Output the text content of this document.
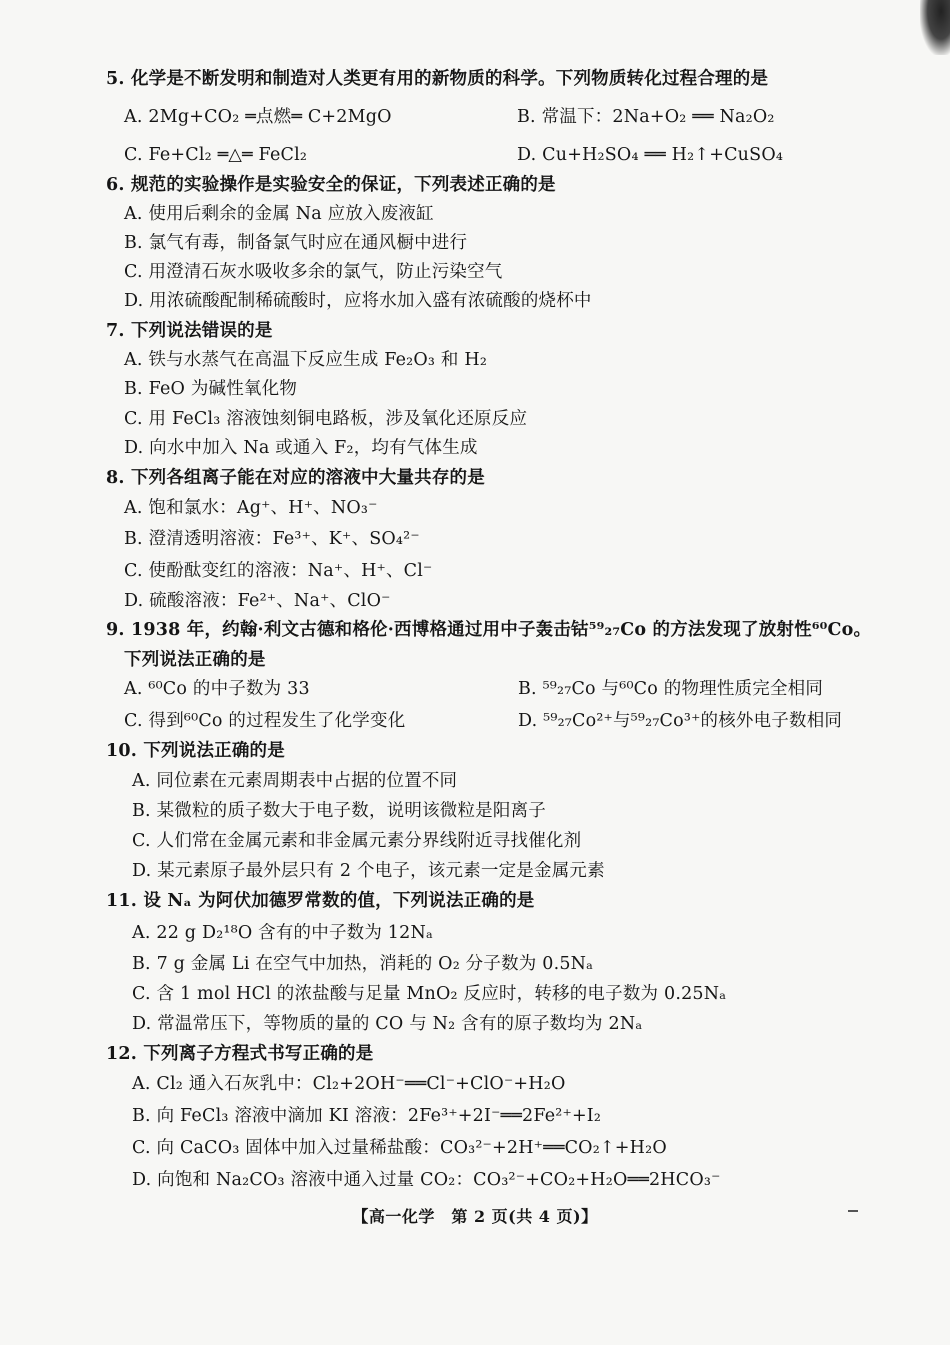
5. 化学是不断发明和制造对人类更有用的新物质的科学。下列物质转化过程合理的是
A. 2Mg+CO₂ ═点燃═ C+2MgO	B. 常温下：2Na+O₂ ══ Na₂O₂
C. Fe+Cl₂ ═△═ FeCl₂	D. Cu+H₂SO₄ ══ H₂↑+CuSO₄
6. 规范的实验操作是实验安全的保证，下列表述正确的是
A. 使用后剩余的金属 Na 应放入废液缸
B. 氯气有毒，制备氯气时应在通风橱中进行
C. 用澄清石灰水吸收多余的氯气，防止污染空气
D. 用浓硫酸配制稀硫酸时，应将水加入盛有浓硫酸的烧杯中
7. 下列说法错误的是
A. 铁与水蒸气在高温下反应生成 Fe₂O₃ 和 H₂
B. FeO 为碱性氧化物
C. 用 FeCl₃ 溶液蚀刻铜电路板，涉及氧化还原反应
D. 向水中加入 Na 或通入 F₂，均有气体生成
8. 下列各组离子能在对应的溶液中大量共存的是
A. 饱和氯水：Ag⁺、H⁺、NO₃⁻
B. 澄清透明溶液：Fe³⁺、K⁺、SO₄²⁻
C. 使酚酞变红的溶液：Na⁺、H⁺、Cl⁻
D. 硫酸溶液：Fe²⁺、Na⁺、ClO⁻
9. 1938 年，约翰·利文古德和格伦·西博格通过用中子轰击钴⁵⁹₂₇Co 的方法发现了放射性⁶⁰Co。
下列说法正确的是
A. ⁶⁰Co 的中子数为 33	B. ⁵⁹₂₇Co 与⁶⁰Co 的物理性质完全相同
C. 得到⁶⁰Co 的过程发生了化学变化	D. ⁵⁹₂₇Co²⁺与⁵⁹₂₇Co³⁺的核外电子数相同
10. 下列说法正确的是
A. 同位素在元素周期表中占据的位置不同
B. 某微粒的质子数大于电子数，说明该微粒是阳离子
C. 人们常在金属元素和非金属元素分界线附近寻找催化剂
D. 某元素原子最外层只有 2 个电子，该元素一定是金属元素
11. 设 Nₐ 为阿伏加德罗常数的值，下列说法正确的是
A. 22 g D₂¹⁸O 含有的中子数为 12Nₐ
B. 7 g 金属 Li 在空气中加热，消耗的 O₂ 分子数为 0.5Nₐ
C. 含 1 mol HCl 的浓盐酸与足量 MnO₂ 反应时，转移的电子数为 0.25Nₐ
D. 常温常压下，等物质的量的 CO 与 N₂ 含有的原子数均为 2Nₐ
12. 下列离子方程式书写正确的是
A. Cl₂ 通入石灰乳中：Cl₂+2OH⁻══Cl⁻+ClO⁻+H₂O
B. 向 FeCl₃ 溶液中滴加 KI 溶液：2Fe³⁺+2I⁻══2Fe²⁺+I₂
C. 向 CaCO₃ 固体中加入过量稀盐酸：CO₃²⁻+2H⁺══CO₂↑+H₂O
D. 向饱和 Na₂CO₃ 溶液中通入过量 CO₂：CO₃²⁻+CO₂+H₂O══2HCO₃⁻
【高一化学　第 2 页(共 4 页)】
